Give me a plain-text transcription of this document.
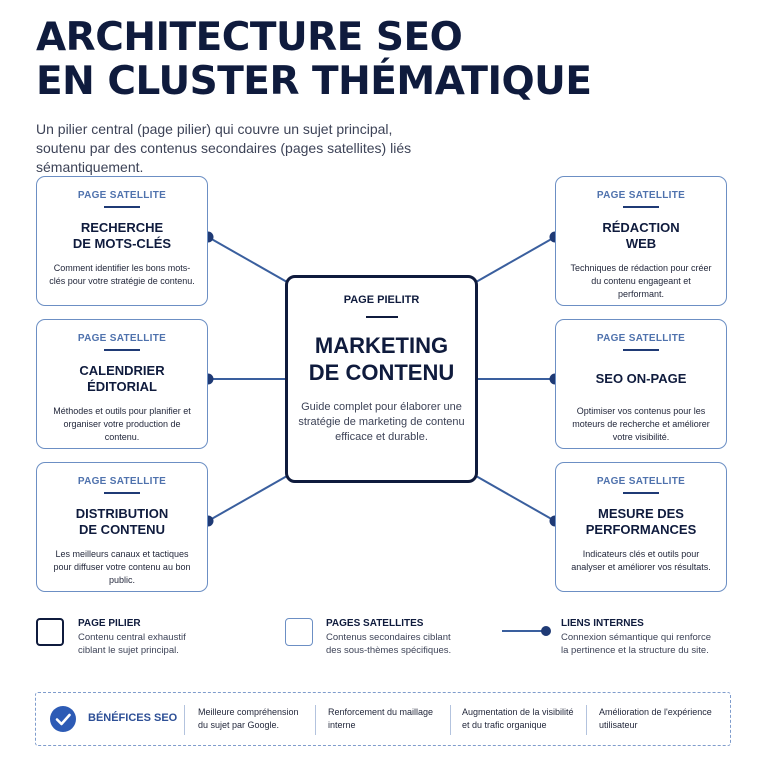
ARCHITECTURE SEO
EN CLUSTER THÉMATIQUE

Un pilier central (page pilier) qui couvre un sujet principal, soutenu par des contenus secondaires (pages satellites) liés sémantiquement.

PAGE SATELLITE
RECHERCHE
DE MOTS-CLÉS
Comment identifier les bons mots-clés pour votre stratégie de contenu.
PAGE SATELLITE
CALENDRIER
ÉDITORIAL
Méthodes et outils pour planifier et organiser votre production de contenu.
PAGE SATELLITE
DISTRIBUTION
DE CONTENU
Les meilleurs canaux et tactiques pour diffuser votre contenu au bon public.
PAGE SATELLITE
RÉDACTION
WEB
Techniques de rédaction pour créer du contenu engageant et performant.
PAGE SATELLITE
SEO ON-PAGE
Optimiser vos contenus pour les moteurs de recherche et améliorer votre visibilité.
PAGE SATELLITE
MESURE DES
PERFORMANCES
Indicateurs clés et outils pour analyser et améliorer vos résultats.
PAGE PIELITR
MARKETING
DE CONTENU
Guide complet pour élaborer une stratégie de marketing de contenu efficace et durable.
PAGE PILIER
Contenu central exhaustif
ciblant le sujet principal.
PAGES SATELLITES
Contenus secondaires ciblant
des sous-thèmes spécifiques.
LIENS INTERNES
Connexion sémantique qui renforce
la pertinence et la structure du site.
BÉNÉFICES SEO Meilleure compréhension
du sujet par Google.
Renforcement du maillage
interne
Augmentation de la visibilité
et du trafic organique
Amélioration de l'expérience
utilisateur
